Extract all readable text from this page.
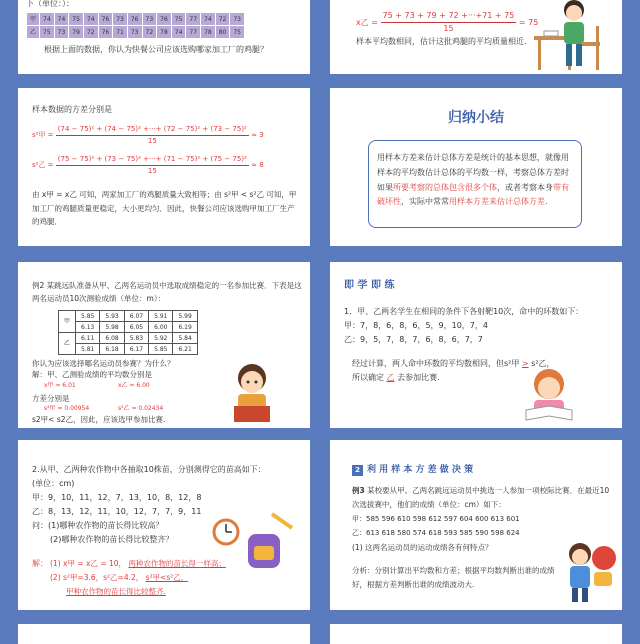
下（单位：）：
甲	74	74	75	74	76	73	76	73	76	75	77	74	72	73
乙	75	73	79	72	76	71	73	72	78	74	77	78	80	75
根据上面的数据，你认为快餐公司应该选购哪家加工厂的鸡腿？
x乙 = $\frac{75 + 73 + 79 + 72 +\cdot\cdot\cdot+71 + 75}{15} = 75$
样本平均数相同，估计这批鸡腿的平均质量相近.
样本数据的方差分别是
s²甲 = $\frac{\text{(74 − 75)² + (74 − 75)² +···+ (72 − 75)² + (73 − 75)²}}{15} \approx 3$
s²乙 = $\frac{\text{(75 − 75)² + (73 − 75)² +···+ (71 − 75)² + (75 − 75)²}}{15} \approx 8$
由 x甲 = x乙 可知，两家加工厂的鸡腿质量大致相等；由 s²甲 < s²乙 可知，甲加工厂的鸡腿质量更稳定，大小更均匀．因此，快餐公司应该选购甲加工厂生产的鸡腿．
归纳小结
用样本方差来估计总体方差是统计的基本思想，就像用样本的平均数估计总体的平均数一样，考察总体方差时如果所要考察的总体包含很多个体，或者考察本身带有破坏性，实际中常常用样本方差来估计总体方差.
例2 某跳远队准备从甲、乙两名运动员中选取成绩稳定的一名参加比赛．下表是这两名运动员10次测验成绩（单位：m）：
甲	5.85	5.93	6.07	5.91	5.99
	6.13	5.98	6.05	6.00	6.19
乙	6.11	6.08	5.83	5.92	5.84
	5.81	6.18	6.17	5.85	6.21
你认为应该选择哪名运动员参赛？为什么？
解：甲、乙测验成绩的平均数分别是
x甲 ≈ 6.01	x乙 ≈ 6.00
方差分别是
s²甲 ≈ 0.00954	s²乙 ≈ 0.02434
s2甲< s2乙，因此，应该选甲参加比赛.
即 学 即 练
1．甲、乙两名学生在相同的条件下各射靶10次，命中的环数如下：
甲：7，8，6，8，6，5，9，10，7，4
乙：9，5，7，8，7，6，8，6，7，7
经过计算，两人命中环数的平均数相同，但s²甲 > s²乙，
所以确定 乙 去参加比赛.
2.从甲、乙两种农作物中各抽取10株苗，分别测得它的苗高如下：
(单位：cm)
甲：9，10，11，12，7，13，10，8，12，8
乙：8，13，12，11，10，12，7，7，9，11
问：(1)哪种农作物的苗长得比较高？
(2)哪种农作物的苗长得比较整齐？
解： (1) x甲 = x乙 = 10， 两种农作物的苗长得一样高；
(2) s²甲=3.6，s²乙=4.2， s²甲<s²乙，
甲种农作物的苗长得比较整齐.
2 利 用 样 本 方 差 做 决 策
例3 某校要从甲、乙两名跳远运动员中挑选一人参加一项校际比赛．在最近10次选拔赛中，他们的成绩（单位：cm）如下：
甲：585 596 610 598 612 597 604 600 613 601
乙：613 618 580 574 618 593 585 590 598 624
(1) 这两名运动员的运动成绩各有何特点？
分析：分别计算出平均数和方差；根据平均数判断出谁的成绩好，根据方差判断出谁的成绩波动大.
